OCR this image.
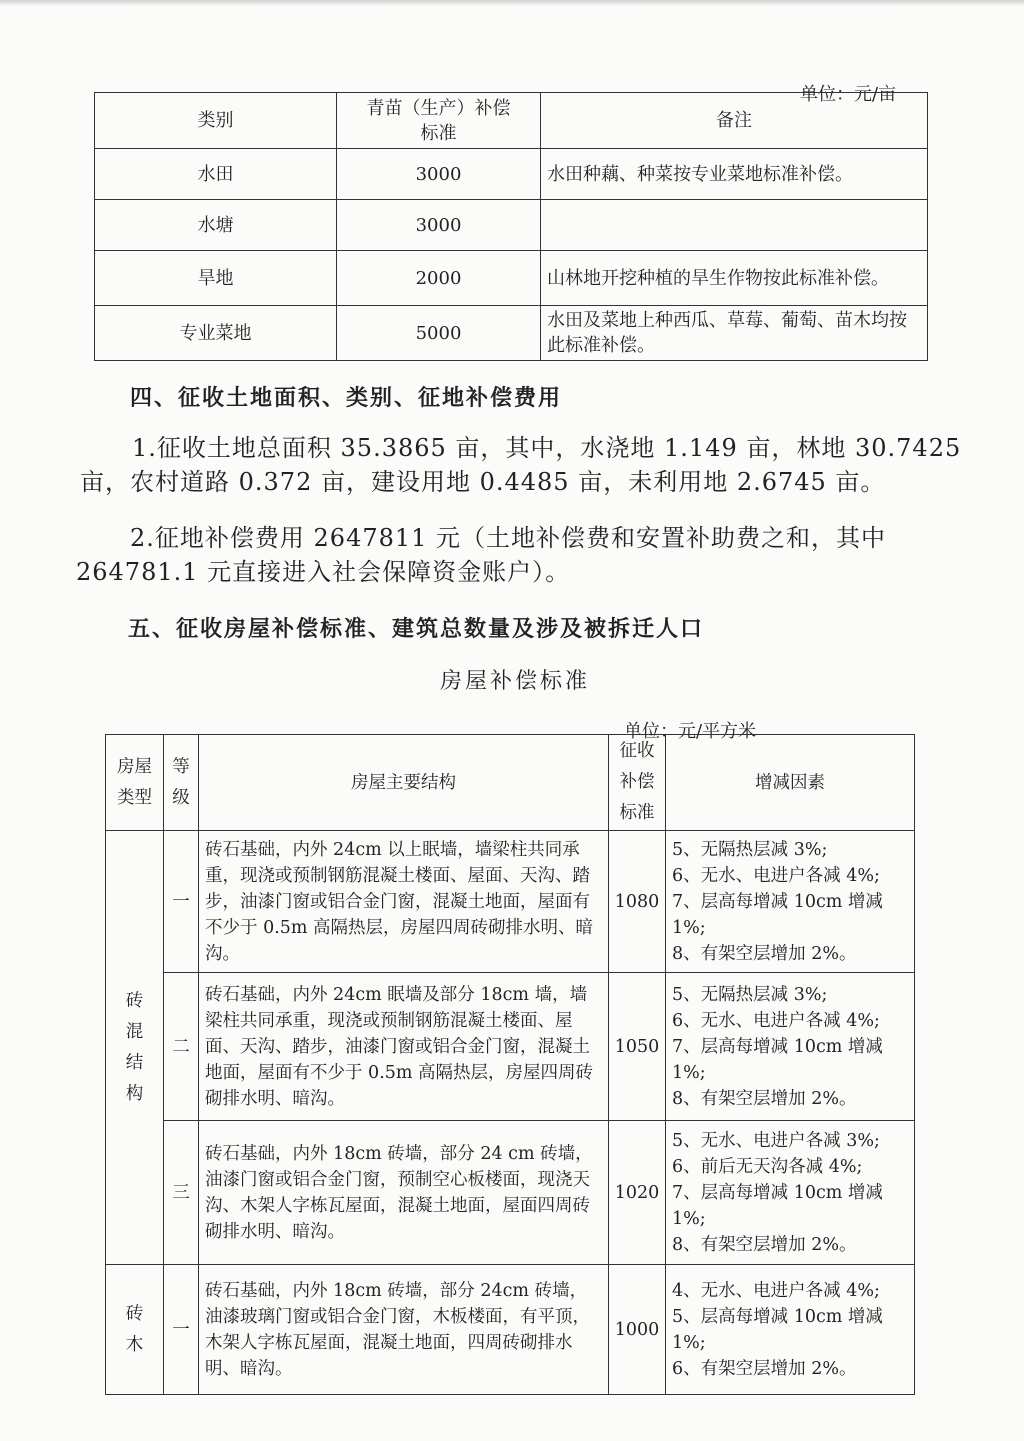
单位：元/亩
类别	青苗（生产）补偿标准	备注
水田	3000	水田种藕、种菜按专业菜地标准补偿。
水塘	3000	
旱地	2000	山林地开挖种植的旱生作物按此标准补偿。
专业菜地	5000	水田及菜地上种西瓜、草莓、葡萄、苗木均按此标准补偿。
四、征收土地面积、类别、征地补偿费用
1.征收土地总面积 35.3865 亩，其中，水浇地 1.149 亩，林地 30.7425 亩，农村道路 0.372 亩，建设用地 0.4485 亩，未利用地 2.6745 亩。
2.征地补偿费用 2647811 元（土地补偿费和安置补助费之和，其中 264781.1 元直接进入社会保障资金账户）。
五、征收房屋补偿标准、建筑总数量及涉及被拆迁人口
房屋补偿标准
单位：元/平方米
房屋类型	等级	房屋主要结构	征收补偿标准	增减因素
砖混结构	一	砖石基础，内外 24cm 以上眠墙，墙梁柱共同承重，现浇或预制钢筋混凝土楼面、屋面、天沟、踏步，油漆门窗或铝合金门窗，混凝土地面，屋面有不少于 0.5m 高隔热层，房屋四周砖砌排水明、暗沟。	1080	5、无隔热层减 3%;
6、无水、电进户各减 4%;
7、层高每增减 10cm 增减 1%;
8、有架空层增加 2%。

	二	砖石基础，内外 24cm 眠墙及部分 18cm 墙，墙梁柱共同承重，现浇或预制钢筋混凝土楼面、屋面、天沟、踏步，油漆门窗或铝合金门窗，混凝土地面，屋面有不少于 0.5m 高隔热层，房屋四周砖砌排水明、暗沟。	1050	5、无隔热层减 3%;
6、无水、电进户各减 4%;
7、层高每增减 10cm 增减 1%;
8、有架空层增加 2%。

	三	砖石基础，内外 18cm 砖墙，部分 24 cm 砖墙，油漆门窗或铝合金门窗，预制空心板楼面，现浇天沟、木架人字栋瓦屋面，混凝土地面，屋面四周砖砌排水明、暗沟。	1020	5、无水、电进户各减 3%;
6、前后无天沟各减 4%;
7、层高每增减 10cm 增减 1%;
8、有架空层增加 2%。

砖木	一	砖石基础，内外 18cm 砖墙，部分 24cm 砖墙，油漆玻璃门窗或铝合金门窗，木板楼面，有平顶，木架人字栋瓦屋面，混凝土地面，四周砖砌排水明、暗沟。	1000	4、无水、电进户各减 4%;
5、层高每增减 10cm 增减 1%;
6、有架空层增加 2%。
